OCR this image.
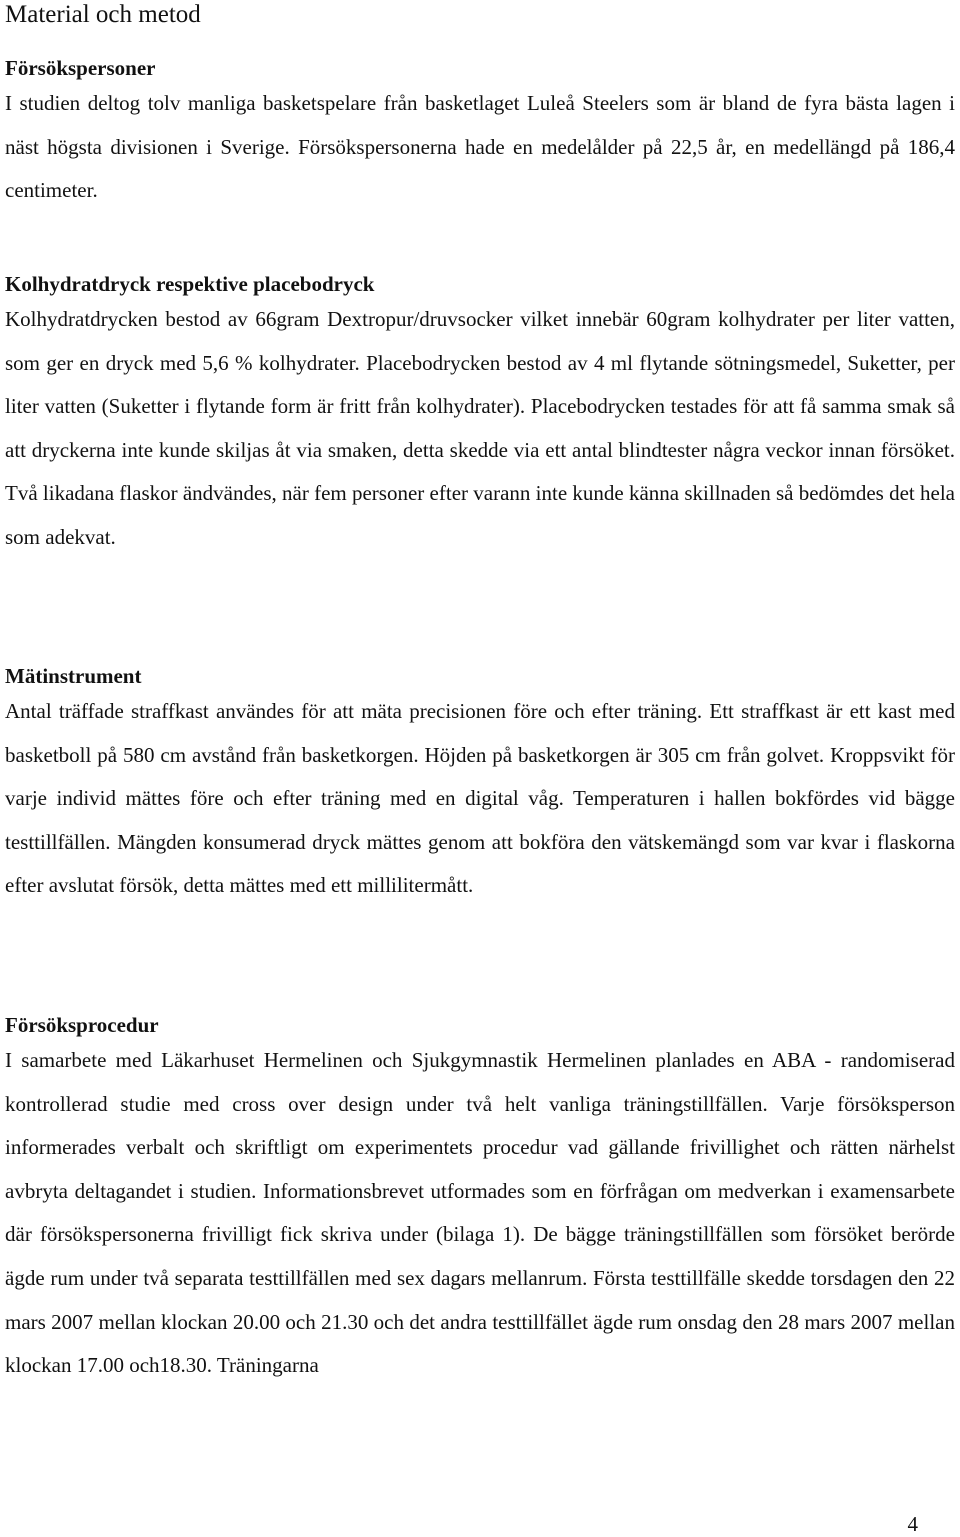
Material och metod
Försökspersoner

I studien deltog tolv manliga basketspelare från basketlaget Luleå Steelers som är bland de fyra bästa lagen i näst högsta divisionen i Sverige. Försökspersonerna hade en medelålder på 22,5 år, en medellängd på 186,4 centimeter.

Kolhydratdryck respektive placebodryck

Kolhydratdrycken bestod av 66gram Dextropur/druvsocker vilket innebär 60gram kolhydrater per liter vatten, som ger en dryck med 5,6 % kolhydrater. Placebodrycken bestod av 4 ml flytande sötningsmedel, Suketter, per liter vatten (Suketter i flytande form är fritt från kolhydrater). Placebodrycken testades för att få samma smak så att dryckerna inte kunde skiljas åt via smaken, detta skedde via ett antal blindtester några veckor innan försöket. Två likadana flaskor ändvändes, när fem personer efter varann inte kunde känna skillnaden så bedömdes det hela som adekvat.

Mätinstrument

Antal träffade straffkast användes för att mäta precisionen före och efter träning. Ett straffkast är ett kast med basketboll på 580 cm avstånd från basketkorgen. Höjden på basketkorgen är 305 cm från golvet. Kroppsvikt för varje individ mättes före och efter träning med en digital våg. Temperaturen i hallen bokfördes vid bägge testtillfällen. Mängden konsumerad dryck mättes genom att bokföra den vätskemängd som var kvar i flaskorna efter avslutat försök, detta mättes med ett millilitermått.

Försöksprocedur

I samarbete med Läkarhuset Hermelinen och Sjukgymnastik Hermelinen planlades en ABA - randomiserad kontrollerad studie med cross over design under två helt vanliga träningstillfällen. Varje försöksperson informerades verbalt och skriftligt om experimentets procedur vad gällande frivillighet och rätten närhelst avbryta deltagandet i studien. Informationsbrevet utformades som en förfrågan om medverkan i examensarbete där försökspersonerna frivilligt fick skriva under (bilaga 1). De bägge träningstillfällen som försöket berörde ägde rum under två separata testtillfällen med sex dagars mellanrum. Första testtillfälle skedde torsdagen den 22 mars 2007 mellan klockan 20.00 och 21.30 och det andra testtillfället ägde rum onsdag den 28 mars 2007 mellan klockan 17.00 och18.30. Träningarna

4
